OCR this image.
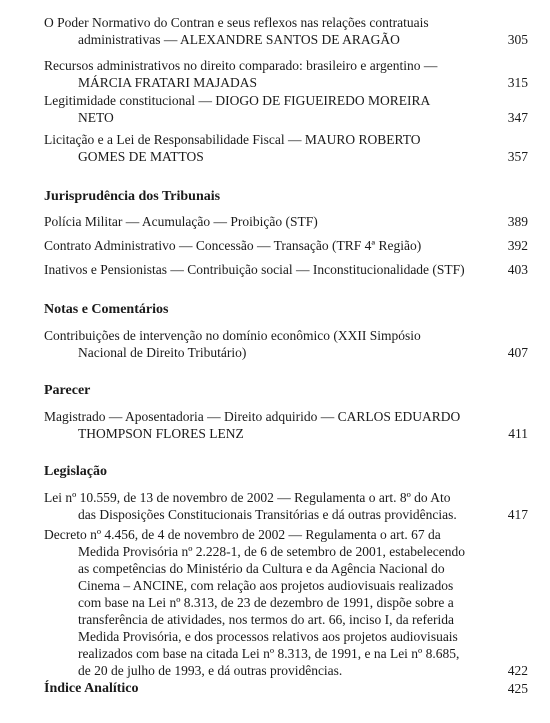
O Poder Normativo do Contran e seus reflexos nas relações contratuais
administrativas — ALEXANDRE SANTOS DE ARAGÃO	305
Recursos administrativos no direito comparado: brasileiro e argentino —
MÁRCIA FRATARI MAJADAS	315
Legitimidade constitucional — DIOGO DE FIGUEIREDO MOREIRA
NETO	347
Licitação e a Lei de Responsabilidade Fiscal — MAURO ROBERTO
GOMES DE MATTOS	357
Jurisprudência dos Tribunais
Polícia Militar — Acumulação — Proibição (STF)	389
Contrato Administrativo — Concessão — Transação (TRF 4ª Região)	392
Inativos e Pensionistas — Contribuição social — Inconstitucionalidade (STF)	403
Notas e Comentários
Contribuições de intervenção no domínio econômico (XXII Simpósio
Nacional de Direito Tributário)	407
Parecer
Magistrado — Aposentadoria — Direito adquirido — CARLOS EDUARDO
THOMPSON FLORES LENZ	411
Legislação
Lei nº 10.559, de 13 de novembro de 2002 — Regulamenta o art. 8º do Ato
das Disposições Constitucionais Transitórias e dá outras providências.	417
Decreto nº 4.456, de 4 de novembro de 2002 — Regulamenta o art. 67 da
Medida Provisória nº 2.228-1, de 6 de setembro de 2001, estabelecendo
as competências do Ministério da Cultura e da Agência Nacional do
Cinema – ANCINE, com relação aos projetos audiovisuais realizados
com base na Lei nº 8.313, de 23 de dezembro de 1991, dispõe sobre a
transferência de atividades, nos termos do art. 66, inciso I, da referida
Medida Provisória, e dos processos relativos aos projetos audiovisuais
realizados com base na citada Lei nº 8.313, de 1991, e na Lei nº 8.685,
de 20 de julho de 1993, e dá outras providências.	422
Índice Analítico	425
